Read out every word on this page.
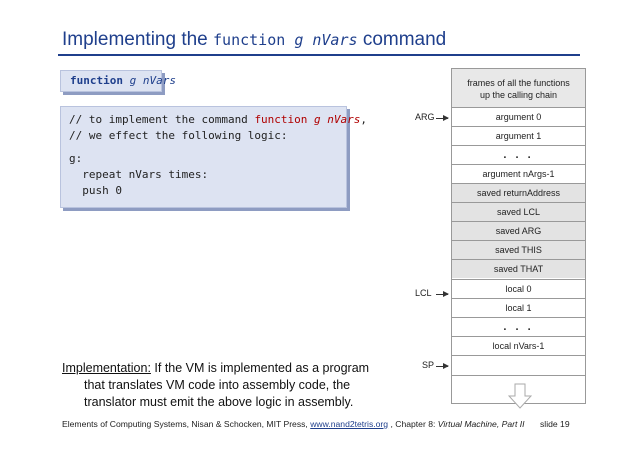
Implementing the function g nVars command
function g nVars
// to implement the command function g nVars,
// we effect the following logic:
g:
repeat nVars times:
push 0
Implementation: If the VM is implemented as a program
that translates VM code into assembly code, the
translator must emit the above logic in assembly.
frames of all the functions
up the calling chain
argument 0
argument 1
. . .
argument nArgs-1
saved returnAddress
saved LCL
saved ARG
saved THIS
saved THAT
local 0
local 1
. . .
local nVars-1
ARG
LCL
SP
Elements of Computing Systems, Nisan & Schocken, MIT Press, www.nand2tetris.org , Chapter 8: Virtual Machine, Part II slide 19
